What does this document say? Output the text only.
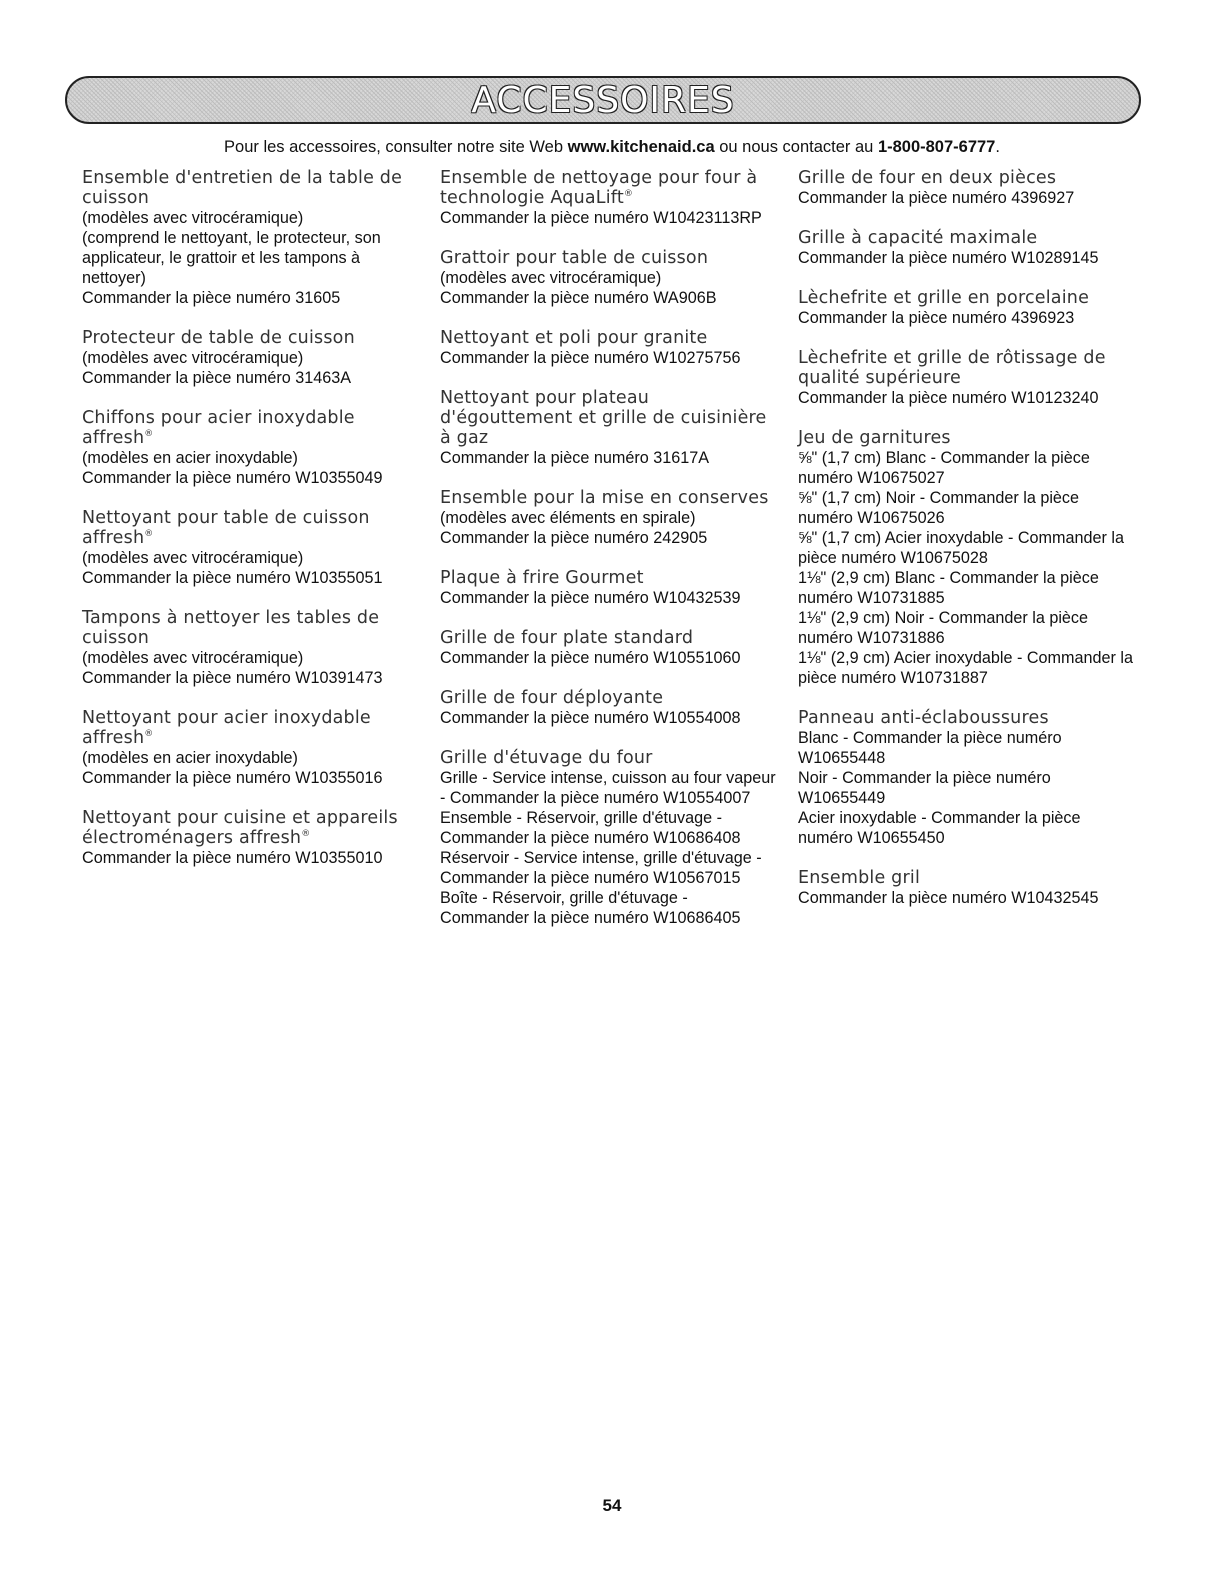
ACCESSOIRES
Pour les accessoires, consulter notre site Web www.kitchenaid.ca ou nous contacter au 1-800-807-6777.
Ensemble d'entretien de la table de cuisson

(modèles avec vitrocéramique)

(comprend le nettoyant, le protecteur, son applicateur, le grattoir et les tampons à nettoyer)

Commander la pièce numéro 31605

Protecteur de table de cuisson

(modèles avec vitrocéramique)

Commander la pièce numéro 31463A

Chiffons pour acier inoxydable affresh®

(modèles en acier inoxydable)

Commander la pièce numéro W10355049

Nettoyant pour table de cuisson affresh®

(modèles avec vitrocéramique)

Commander la pièce numéro W10355051

Tampons à nettoyer les tables de cuisson

(modèles avec vitrocéramique)

Commander la pièce numéro W10391473

Nettoyant pour acier inoxydable affresh®

(modèles en acier inoxydable)

Commander la pièce numéro W10355016

Nettoyant pour cuisine et appareils électroménagers affresh®

Commander la pièce numéro W10355010

Ensemble de nettoyage pour four à technologie AquaLift®

Commander la pièce numéro W10423113RP

Grattoir pour table de cuisson

(modèles avec vitrocéramique)

Commander la pièce numéro WA906B

Nettoyant et poli pour granite

Commander la pièce numéro W10275756

Nettoyant pour plateau d'égouttement et grille de cuisinière à gaz

Commander la pièce numéro 31617A

Ensemble pour la mise en conserves

(modèles avec éléments en spirale)

Commander la pièce numéro 242905

Plaque à frire Gourmet

Commander la pièce numéro W10432539

Grille de four plate standard

Commander la pièce numéro W10551060

Grille de four déployante

Commander la pièce numéro W10554008

Grille d'étuvage du four

Grille - Service intense, cuisson au four vapeur - Commander la pièce numéro W10554007

Ensemble - Réservoir, grille d'étuvage - Commander la pièce numéro W10686408

Réservoir - Service intense, grille d'étuvage - Commander la pièce numéro W10567015

Boîte - Réservoir, grille d'étuvage - Commander la pièce numéro W10686405

Grille de four en deux pièces

Commander la pièce numéro 4396927

Grille à capacité maximale

Commander la pièce numéro W10289145

Lèchefrite et grille en porcelaine

Commander la pièce numéro 4396923

Lèchefrite et grille de rôtissage de qualité supérieure

Commander la pièce numéro W10123240

Jeu de garnitures

⅝" (1,7 cm) Blanc - Commander la pièce numéro W10675027

⅝" (1,7 cm) Noir - Commander la pièce numéro W10675026

⅝" (1,7 cm) Acier inoxydable - Commander la pièce numéro W10675028

1⅛" (2,9 cm) Blanc - Commander la pièce numéro W10731885

1⅛" (2,9 cm) Noir - Commander la pièce numéro W10731886

1⅛" (2,9 cm) Acier inoxydable - Commander la pièce numéro W10731887

Panneau anti-éclaboussures

Blanc - Commander la pièce numéro W10655448

Noir - Commander la pièce numéro W10655449

Acier inoxydable - Commander la pièce numéro W10655450

Ensemble gril

Commander la pièce numéro W10432545

54
